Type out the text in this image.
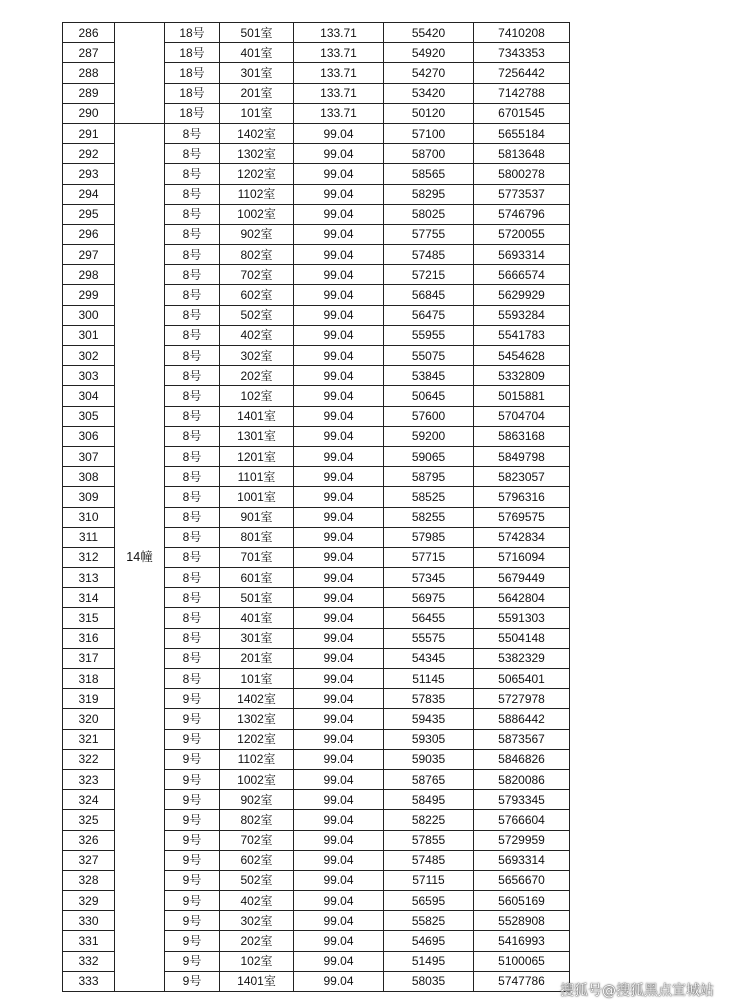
286		18号	501室	133.71	55420	7410208
287		18号	401室	133.71	54920	7343353
288		18号	301室	133.71	54270	7256442
289		18号	201室	133.71	53420	7142788
290		18号	101室	133.71	50120	6701545
291	14幢	8号	1402室	99.04	57100	5655184
292		8号	1302室	99.04	58700	5813648
293		8号	1202室	99.04	58565	5800278
294		8号	1102室	99.04	58295	5773537
295		8号	1002室	99.04	58025	5746796
296		8号	902室	99.04	57755	5720055
297		8号	802室	99.04	57485	5693314
298		8号	702室	99.04	57215	5666574
299		8号	602室	99.04	56845	5629929
300		8号	502室	99.04	56475	5593284
301		8号	402室	99.04	55955	5541783
302		8号	302室	99.04	55075	5454628
303		8号	202室	99.04	53845	5332809
304		8号	102室	99.04	50645	5015881
305		8号	1401室	99.04	57600	5704704
306		8号	1301室	99.04	59200	5863168
307		8号	1201室	99.04	59065	5849798
308		8号	1101室	99.04	58795	5823057
309		8号	1001室	99.04	58525	5796316
310		8号	901室	99.04	58255	5769575
311		8号	801室	99.04	57985	5742834
312		8号	701室	99.04	57715	5716094
313		8号	601室	99.04	57345	5679449
314		8号	501室	99.04	56975	5642804
315		8号	401室	99.04	56455	5591303
316		8号	301室	99.04	55575	5504148
317		8号	201室	99.04	54345	5382329
318		8号	101室	99.04	51145	5065401
319		9号	1402室	99.04	57835	5727978
320		9号	1302室	99.04	59435	5886442
321		9号	1202室	99.04	59305	5873567
322		9号	1102室	99.04	59035	5846826
323		9号	1002室	99.04	58765	5820086
324		9号	902室	99.04	58495	5793345
325		9号	802室	99.04	58225	5766604
326		9号	702室	99.04	57855	5729959
327		9号	602室	99.04	57485	5693314
328		9号	502室	99.04	57115	5656670
329		9号	402室	99.04	56595	5605169
330		9号	302室	99.04	55825	5528908
331		9号	202室	99.04	54695	5416993
332		9号	102室	99.04	51495	5100065
333		9号	1401室	99.04	58035	5747786
搜狐号@搜狐黑点宣城站
